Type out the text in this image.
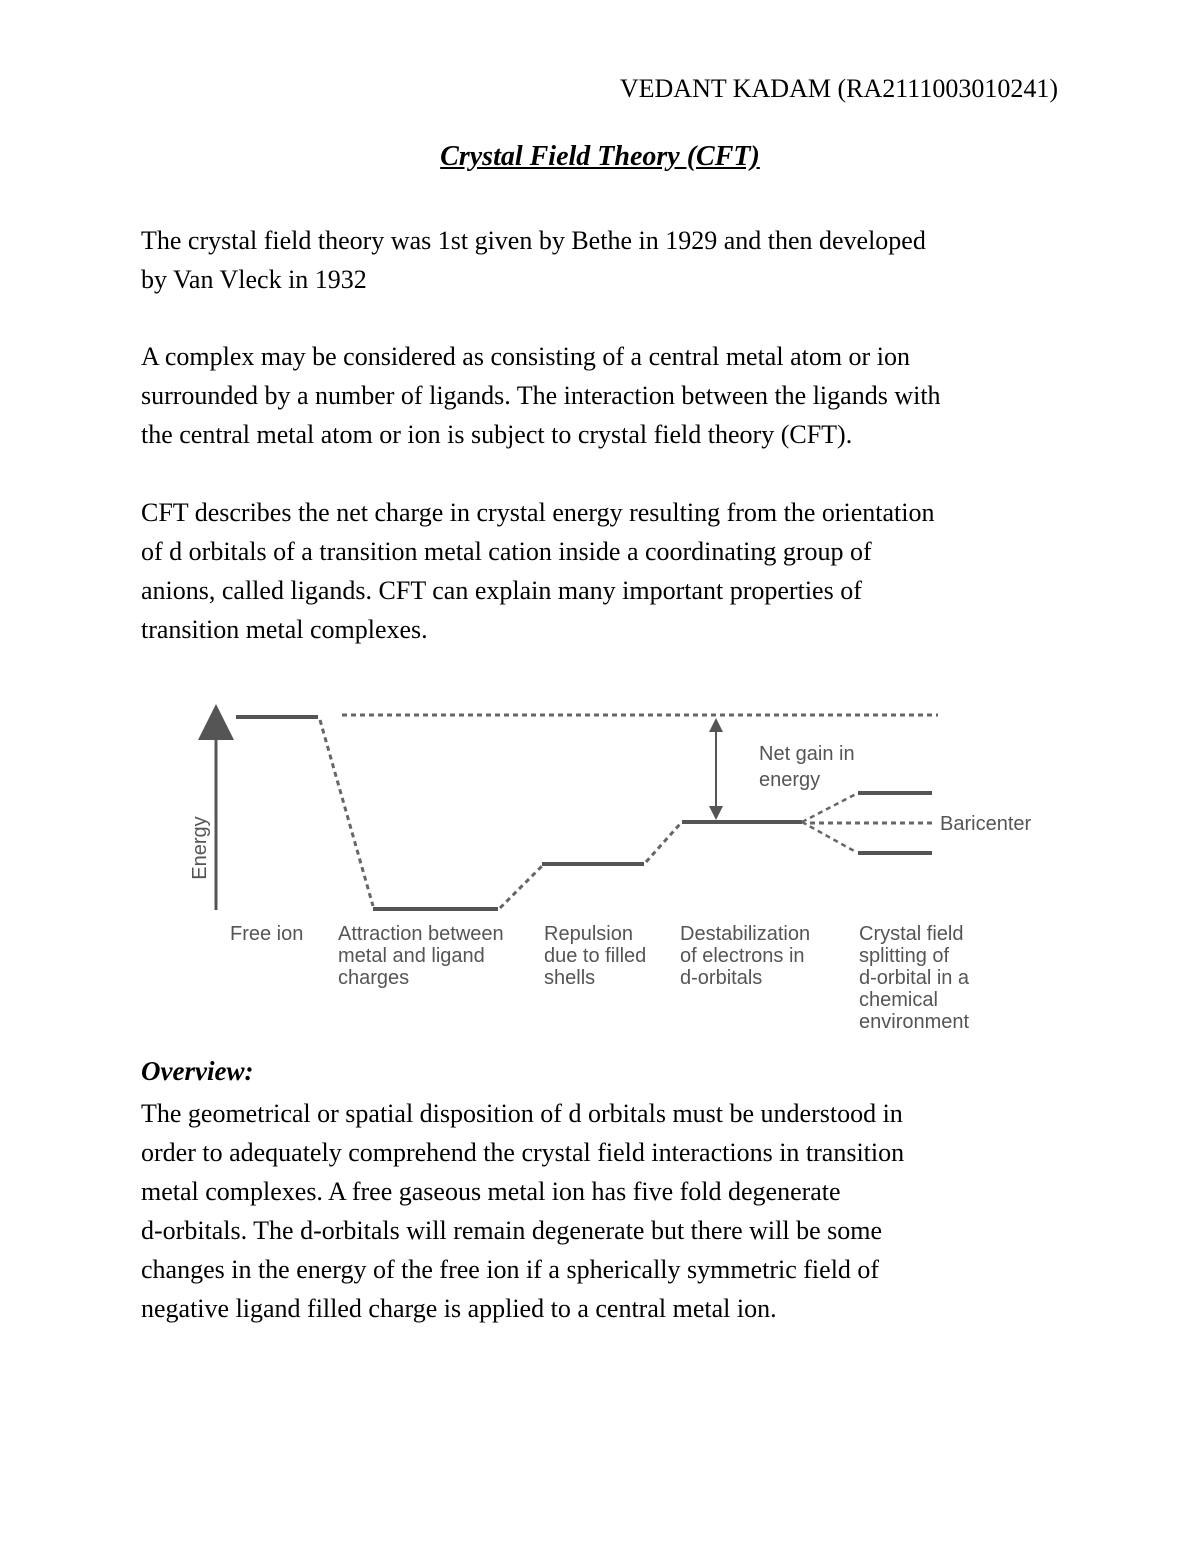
VEDANT KADAM (RA2111003010241)
Crystal Field Theory (CFT)

The crystal field theory was 1st given by Bethe in 1929 and then developed
by Van Vleck in 1932

A complex may be considered as consisting of a central metal atom or ion
surrounded by a number of ligands. The interaction between the ligands with
the central metal atom or ion is subject to crystal field theory (CFT).

CFT describes the net charge in crystal energy resulting from the orientation
of d orbitals of a transition metal cation inside a coordinating group of
anions, called ligands. CFT can explain many important properties of
transition metal complexes.

Energy
Net gain in energy
Baricenter
Free ion Attraction between metal and ligand charges
Repulsion due to filled shells
Destabilization of electrons in d-orbitals
Crystal field splitting of d-orbital in a chemical environment
Overview:

The geometrical or spatial disposition of d orbitals must be understood in
order to adequately comprehend the crystal field interactions in transition
metal complexes. A free gaseous metal ion has five fold degenerate
d-orbitals. The d-orbitals will remain degenerate but there will be some
changes in the energy of the free ion if a spherically symmetric field of
negative ligand filled charge is applied to a central metal ion.
